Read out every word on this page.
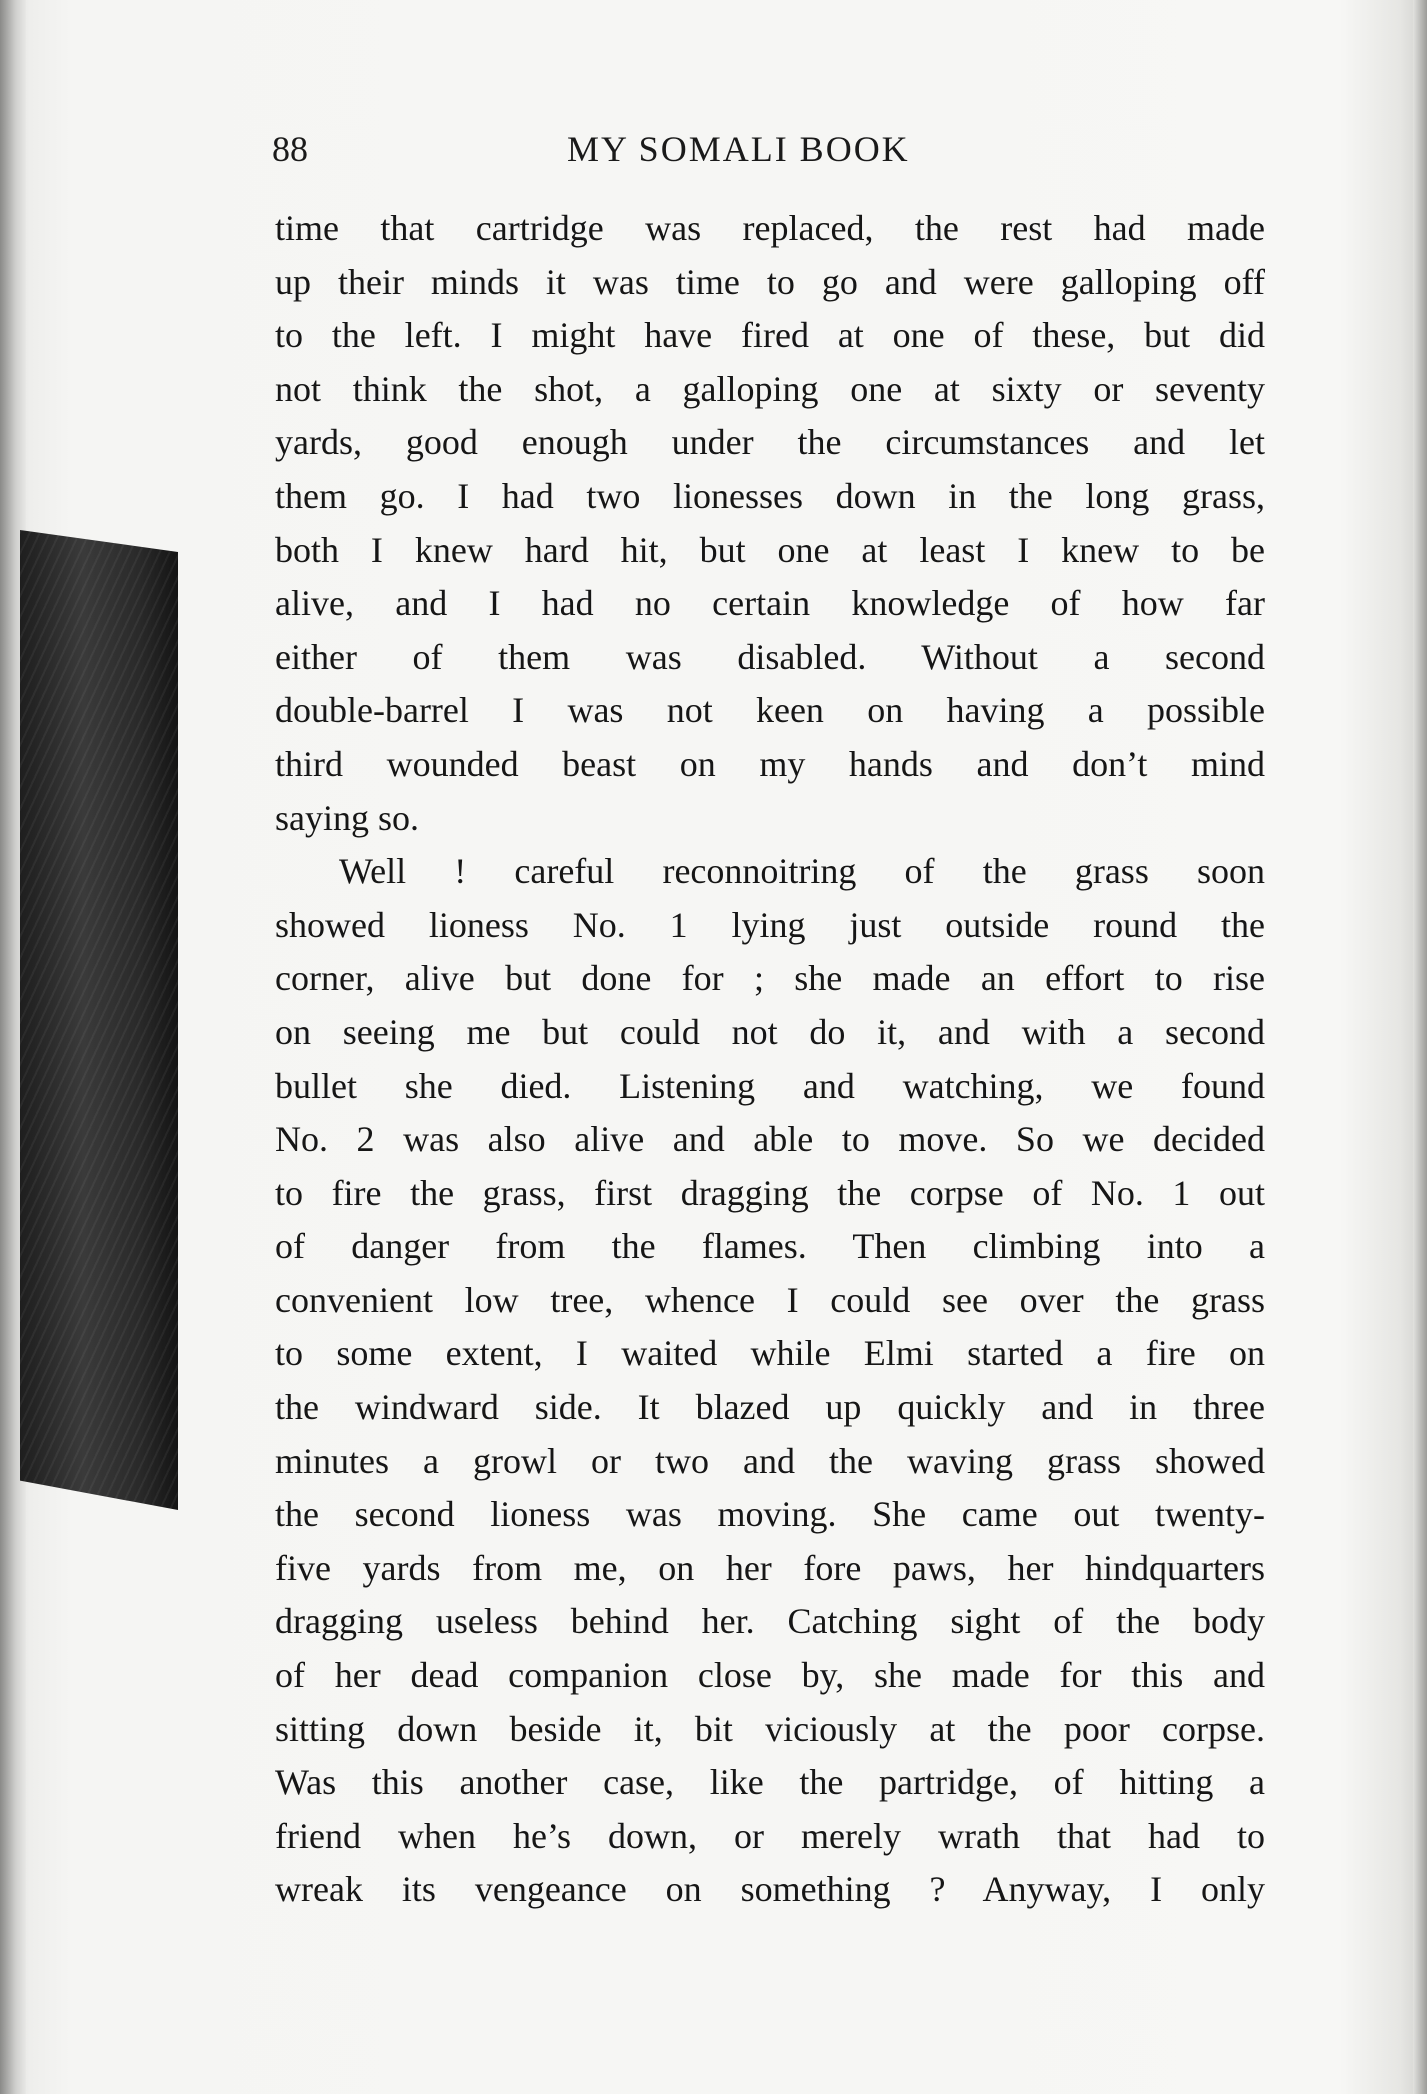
88	MY SOMALI BOOK
time that cartridge was replaced, the rest had made
up their minds it was time to go and were galloping off
to the left. I might have fired at one of these, but did
not think the shot, a galloping one at sixty or seventy
yards, good enough under the circumstances and let
them go. I had two lionesses down in the long grass,
both I knew hard hit, but one at least I knew to be
alive, and I had no certain knowledge of how far
either of them was disabled. Without a second
double-barrel I was not keen on having a possible
third wounded beast on my hands and don’t mind
saying so.
Well ! careful reconnoitring of the grass soon
showed lioness No. 1 lying just outside round the
corner, alive but done for ; she made an effort to rise
on seeing me but could not do it, and with a second
bullet she died. Listening and watching, we found
No. 2 was also alive and able to move. So we decided
to fire the grass, first dragging the corpse of No. 1 out
of danger from the flames. Then climbing into a
convenient low tree, whence I could see over the grass
to some extent, I waited while Elmi started a fire on
the windward side. It blazed up quickly and in three
minutes a growl or two and the waving grass showed
the second lioness was moving. She came out twenty-
five yards from me, on her fore paws, her hindquarters
dragging useless behind her. Catching sight of the body
of her dead companion close by, she made for this and
sitting down beside it, bit viciously at the poor corpse.
Was this another case, like the partridge, of hitting a
friend when he’s down, or merely wrath that had to
wreak its vengeance on something ? Anyway, I only
